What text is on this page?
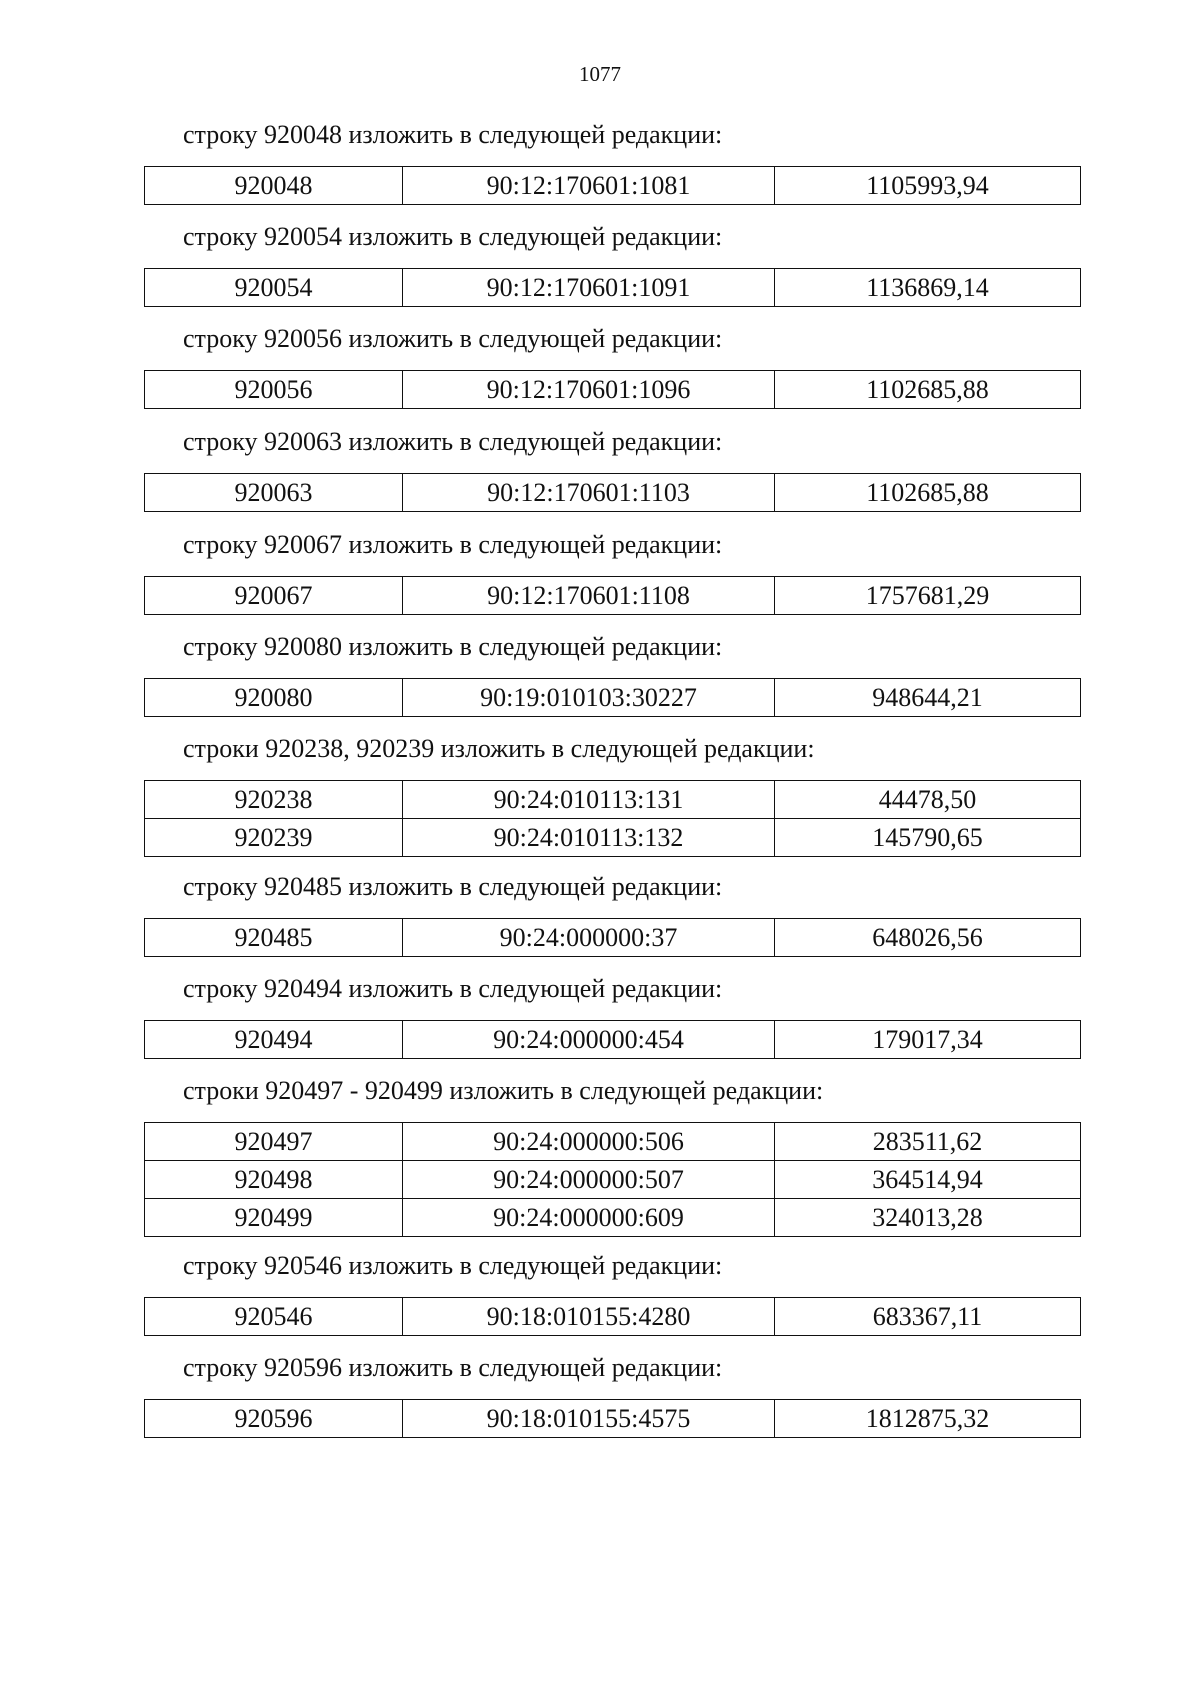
1077
строку 920048 изложить в следующей редакции:
920048	90:12:170601:1081	1105993,94
строку 920054 изложить в следующей редакции:
920054	90:12:170601:1091	1136869,14
строку 920056 изложить в следующей редакции:
920056	90:12:170601:1096	1102685,88
строку 920063 изложить в следующей редакции:
920063	90:12:170601:1103	1102685,88
строку 920067 изложить в следующей редакции:
920067	90:12:170601:1108	1757681,29
строку 920080 изложить в следующей редакции:
920080	90:19:010103:30227	948644,21
строки 920238, 920239 изложить в следующей редакции:
920238	90:24:010113:131	44478,50
920239	90:24:010113:132	145790,65
строку 920485 изложить в следующей редакции:
920485	90:24:000000:37	648026,56
строку 920494 изложить в следующей редакции:
920494	90:24:000000:454	179017,34
строки 920497 - 920499 изложить в следующей редакции:
920497	90:24:000000:506	283511,62
920498	90:24:000000:507	364514,94
920499	90:24:000000:609	324013,28
строку 920546 изложить в следующей редакции:
920546	90:18:010155:4280	683367,11
строку 920596 изложить в следующей редакции:
920596	90:18:010155:4575	1812875,32
